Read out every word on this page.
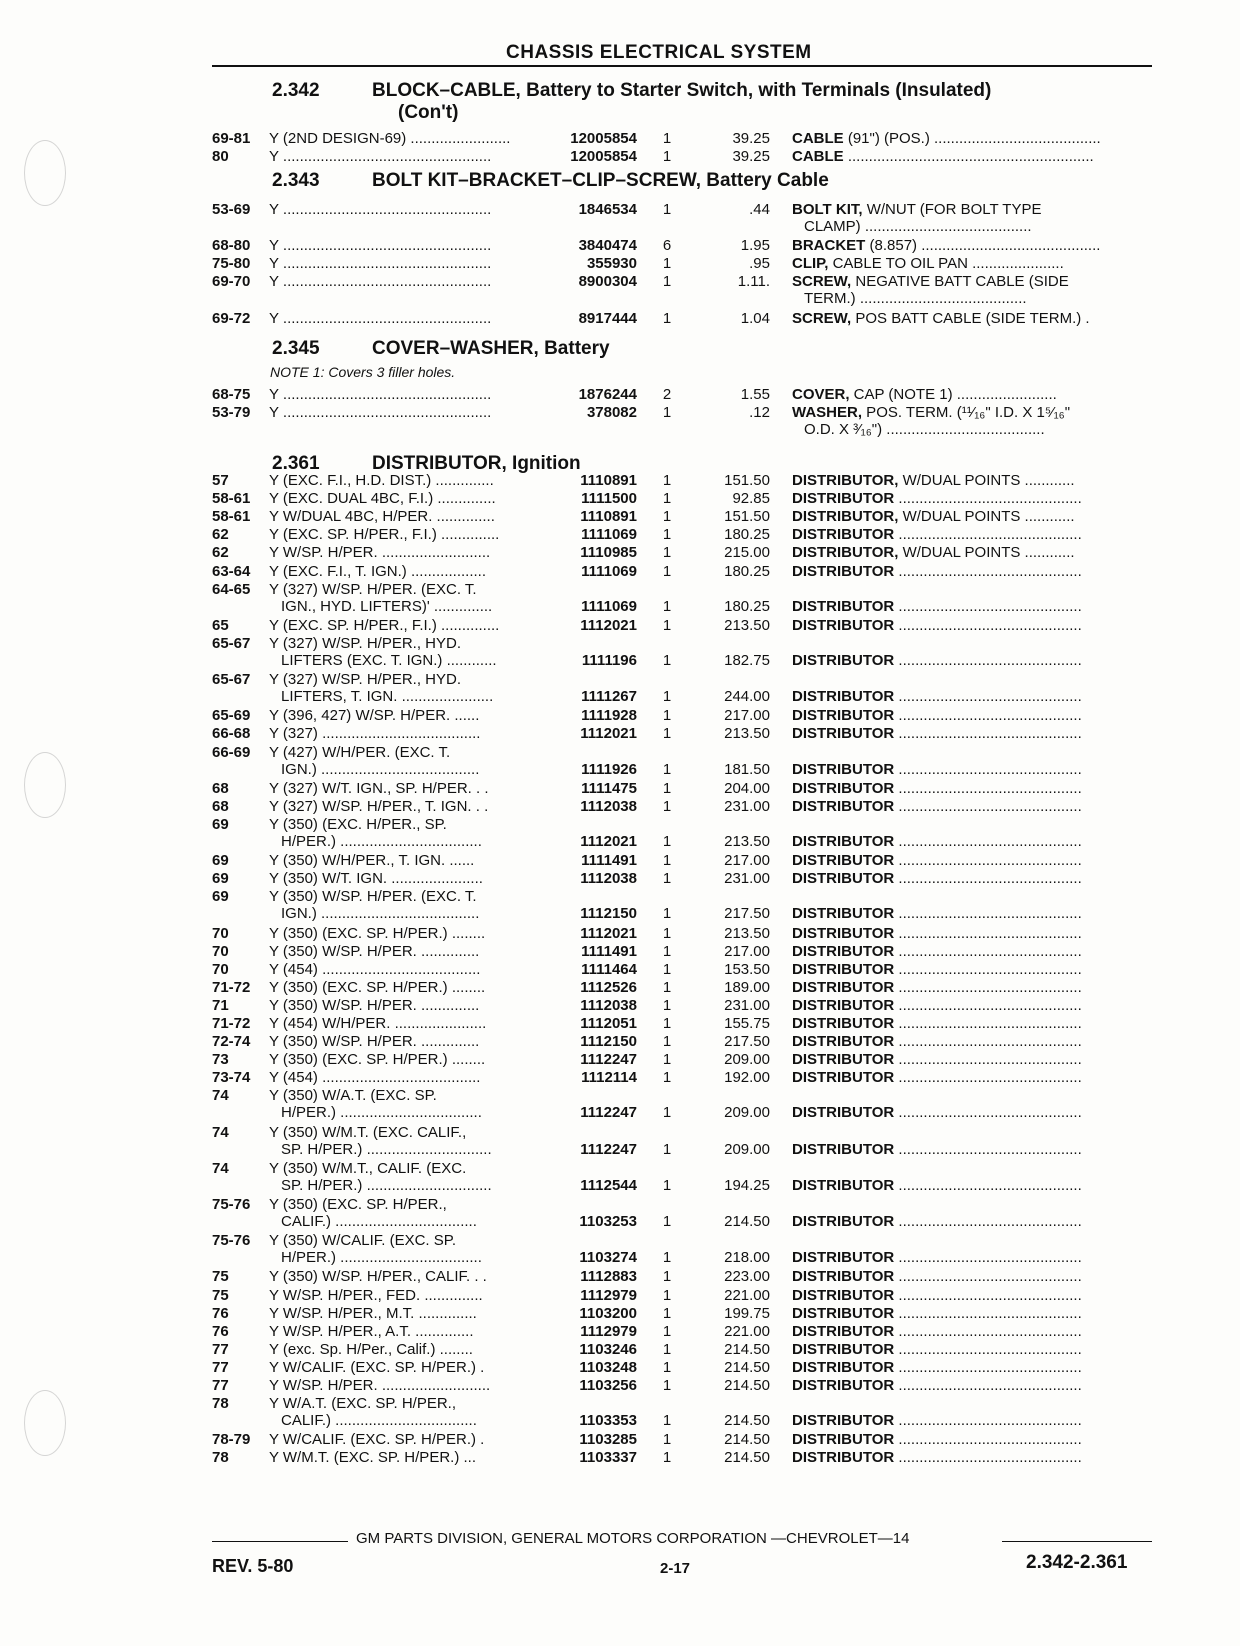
CHASSIS ELECTRICAL SYSTEM
2.342	BLOCK–CABLE, Battery to Starter Switch, with Terminals (Insulated)
(Con't)
69-81 Y (2ND DESIGN-69) ........................	12005854 1	39.25 CABLE (91") (POS.) ........................................
80	Y ..................................................	12005854 1	39.25 CABLE ...........................................................
2.343	BOLT KIT–BRACKET–CLIP–SCREW, Battery Cable
53-69 Y ..................................................	1846534 1	.44 BOLT KIT, W/NUT (FOR BOLT TYPE
CLAMP) ........................................
68-80 Y ..................................................	3840474 6	1.95 BRACKET (8.857) ...........................................
75-80 Y ..................................................	355930 1	.95 CLIP, CABLE TO OIL PAN ......................
69-70 Y ..................................................	8900304 1	1.11. SCREW, NEGATIVE BATT CABLE (SIDE
TERM.) ........................................
69-72 Y ..................................................	8917444 1	1.04 SCREW, POS BATT CABLE (SIDE TERM.) .
2.345	COVER–WASHER, Battery
NOTE 1: Covers 3 filler holes.
68-75 Y ..................................................	1876244 2	1.55 COVER, CAP (NOTE 1) ........................
53-79 Y ..................................................	378082 1	.12 WASHER, POS. TERM. (¹¹⁄₁₆" I.D. X 1⁵⁄₁₆"
O.D. X ³⁄₁₆") ......................................
2.361	DISTRIBUTOR, Ignition
57	Y (EXC. F.I., H.D. DIST.) ..............	1110891 1	151.50 DISTRIBUTOR, W/DUAL POINTS ............
58-61 Y (EXC. DUAL 4BC, F.I.) ..............	1111500 1	92.85 DISTRIBUTOR ............................................
58-61 Y W/DUAL 4BC, H/PER. ..............	1110891 1	151.50 DISTRIBUTOR, W/DUAL POINTS ............
62	Y (EXC. SP. H/PER., F.I.) ..............	1111069 1	180.25 DISTRIBUTOR ............................................
62	Y W/SP. H/PER. ..........................	1110985 1	215.00 DISTRIBUTOR, W/DUAL POINTS ............
63-64 Y (EXC. F.I., T. IGN.) ..................	1111069 1	180.25 DISTRIBUTOR ............................................
64-65 Y (327) W/SP. H/PER. (EXC. T.
IGN., HYD. LIFTERS)' ..............	1111069 1	180.25 DISTRIBUTOR ............................................
65	Y (EXC. SP. H/PER., F.I.) ..............	1112021 1	213.50 DISTRIBUTOR ............................................
65-67 Y (327) W/SP. H/PER., HYD.
LIFTERS (EXC. T. IGN.) ............	1111196 1	182.75 DISTRIBUTOR ............................................
65-67 Y (327) W/SP. H/PER., HYD.
LIFTERS, T. IGN. ......................	1111267 1	244.00 DISTRIBUTOR ............................................
65-69 Y (396, 427) W/SP. H/PER. ......	1111928 1	217.00 DISTRIBUTOR ............................................
66-68 Y (327) ......................................	1112021 1	213.50 DISTRIBUTOR ............................................
66-69 Y (427) W/H/PER. (EXC. T.
IGN.) ......................................	1111926 1	181.50 DISTRIBUTOR ............................................
68	Y (327) W/T. IGN., SP. H/PER. . .	1111475 1	204.00 DISTRIBUTOR ............................................
68	Y (327) W/SP. H/PER., T. IGN. . .	1112038 1	231.00 DISTRIBUTOR ............................................
69	Y (350) (EXC. H/PER., SP.
H/PER.) ..................................	1112021 1	213.50 DISTRIBUTOR ............................................
69	Y (350) W/H/PER., T. IGN. ......	1111491 1	217.00 DISTRIBUTOR ............................................
69	Y (350) W/T. IGN. ......................	1112038 1	231.00 DISTRIBUTOR ............................................
69	Y (350) W/SP. H/PER. (EXC. T.
IGN.) ......................................	1112150 1	217.50 DISTRIBUTOR ............................................
70	Y (350) (EXC. SP. H/PER.) ........	1112021 1	213.50 DISTRIBUTOR ............................................
70	Y (350) W/SP. H/PER. ..............	1111491 1	217.00 DISTRIBUTOR ............................................
70	Y (454) ......................................	1111464 1	153.50 DISTRIBUTOR ............................................
71-72 Y (350) (EXC. SP. H/PER.) ........	1112526 1	189.00 DISTRIBUTOR ............................................
71	Y (350) W/SP. H/PER. ..............	1112038 1	231.00 DISTRIBUTOR ............................................
71-72 Y (454) W/H/PER. ......................	1112051 1	155.75 DISTRIBUTOR ............................................
72-74 Y (350) W/SP. H/PER. ..............	1112150 1	217.50 DISTRIBUTOR ............................................
73	Y (350) (EXC. SP. H/PER.) ........	1112247 1	209.00 DISTRIBUTOR ............................................
73-74 Y (454) ......................................	1112114 1	192.00 DISTRIBUTOR ............................................
74	Y (350) W/A.T. (EXC. SP.
H/PER.) ..................................	1112247 1	209.00 DISTRIBUTOR ............................................
74	Y (350) W/M.T. (EXC. CALIF.,
SP. H/PER.) ..............................	1112247 1	209.00 DISTRIBUTOR ............................................
74	Y (350) W/M.T., CALIF. (EXC.
SP. H/PER.) ..............................	1112544 1	194.25 DISTRIBUTOR ............................................
75-76 Y (350) (EXC. SP. H/PER.,
CALIF.) ..................................	1103253 1	214.50 DISTRIBUTOR ............................................
75-76 Y (350) W/CALIF. (EXC. SP.
H/PER.) ..................................	1103274 1	218.00 DISTRIBUTOR ............................................
75	Y (350) W/SP. H/PER., CALIF. . .	1112883 1	223.00 DISTRIBUTOR ............................................
75	Y W/SP. H/PER., FED. ..............	1112979 1	221.00 DISTRIBUTOR ............................................
76	Y W/SP. H/PER., M.T. ..............	1103200 1	199.75 DISTRIBUTOR ............................................
76	Y W/SP. H/PER., A.T. ..............	1112979 1	221.00 DISTRIBUTOR ............................................
77	Y (exc. Sp. H/Per., Calif.) ........	1103246 1	214.50 DISTRIBUTOR ............................................
77	Y W/CALIF. (EXC. SP. H/PER.) .	1103248 1	214.50 DISTRIBUTOR ............................................
77	Y W/SP. H/PER. ..........................	1103256 1	214.50 DISTRIBUTOR ............................................
78	Y W/A.T. (EXC. SP. H/PER.,
CALIF.) ..................................	1103353 1	214.50 DISTRIBUTOR ............................................
78-79 Y W/CALIF. (EXC. SP. H/PER.) .	1103285 1	214.50 DISTRIBUTOR ............................................
78	Y W/M.T. (EXC. SP. H/PER.) ...	1103337 1	214.50 DISTRIBUTOR ............................................
GM PARTS DIVISION, GENERAL MOTORS CORPORATION —CHEVROLET—14
REV. 5-80	2-17	2.342-2.361
